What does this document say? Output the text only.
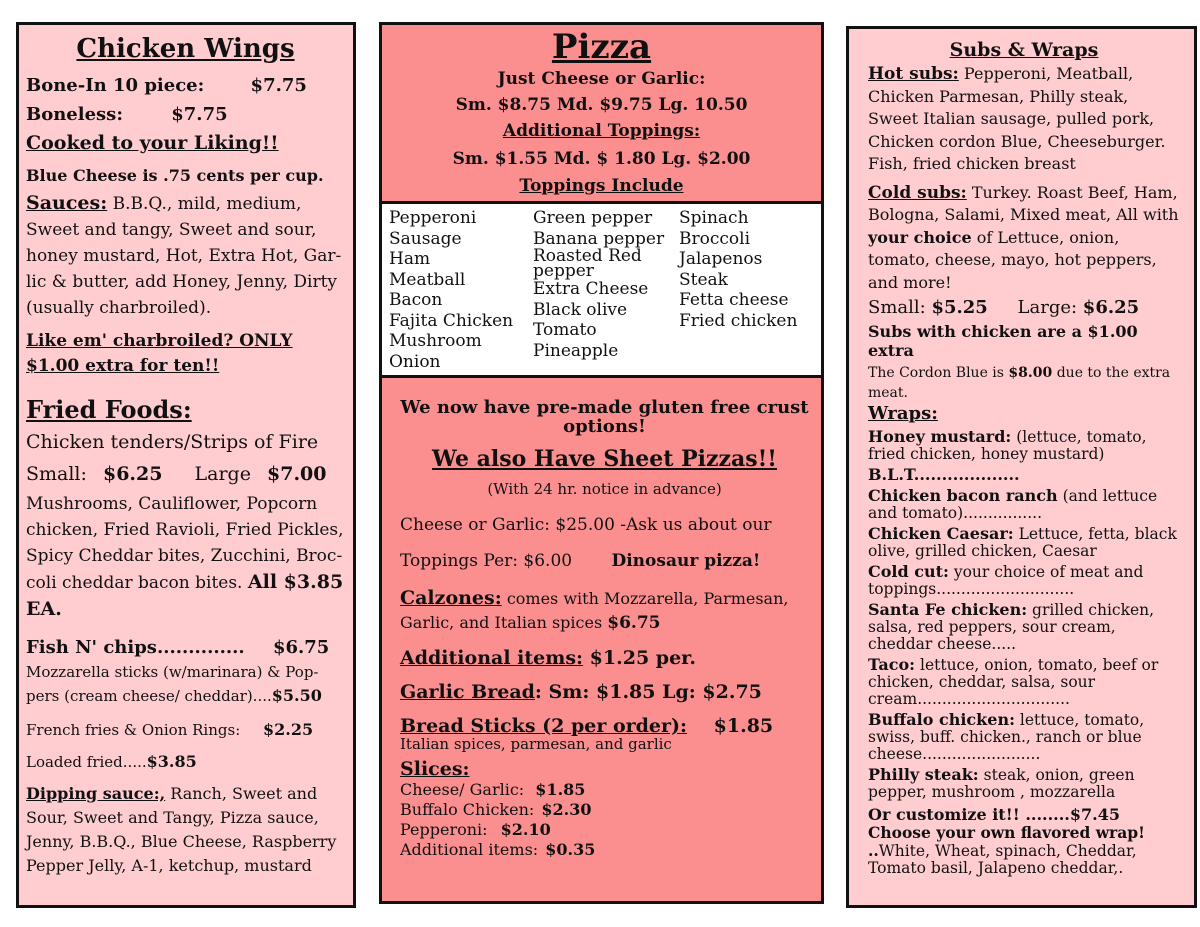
Chicken Wings
Bone-In 10 piece:	$7.75
Boneless:	$7.75
Cooked to your Liking!!
Blue Cheese is .75 cents per cup.

Sauces: B.B.Q., mild, medium, Sweet and tangy, Sweet and sour, honey mustard, Hot, Extra Hot, Gar-lic & butter, add Honey, Jenny, Dirty (usually charbroiled).

Like em' charbroiled? ONLY $1.00 extra for ten!!
Fried Foods:
Chicken tenders/Strips of Fire
Small: $6.25 Large $7.00

Mushrooms, Cauliflower, Popcorn chicken, Fried Ravioli, Fried Pickles, Spicy Cheddar bites, Zucchini, Broc-coli cheddar bacon bites. All $3.85 EA.

Fish N' chips.............. $6.75

Mozzarella sticks (w/marinara) & Pop-pers (cream cheese/ cheddar)....$5.50

French fries & Onion Rings: $2.25
Loaded fried.....$3.85

Dipping sauce:, Ranch, Sweet and Sour, Sweet and Tangy, Pizza sauce, Jenny, B.B.Q., Blue Cheese, Raspberry Pepper Jelly, A-1, ketchup, mustard

Pizza
Just Cheese or Garlic:
Sm. $8.75 Md. $9.75 Lg. 10.50
Additional Toppings:
Sm. $1.55 Md. $ 1.80 Lg. $2.00
Toppings Include
Pepperoni
Sausage
Ham
Meatball
Bacon
Fajita Chicken
Mushroom
Onion
Green pepper
Banana pepper
Roasted Red pepper
Extra Cheese
Black olive
Tomato
Pineapple
Spinach
Broccoli
Jalapenos
Steak
Fetta cheese
Fried chicken
We now have pre-made gluten free crust options!
We also Have Sheet Pizzas!!
(With 24 hr. notice in advance)
Cheese or Garlic: $25.00 -Ask us about our
Toppings Per: $6.00 Dinosaur pizza!

Calzones: comes with Mozzarella, Parmesan, Garlic, and Italian spices $6.75

Additional items: $1.25 per.
Garlic Bread: Sm: $1.85 Lg: $2.75
Bread Sticks (2 per order): $1.85
Italian spices, parmesan, and garlic
Slices:
Cheese/ Garlic: $1.85
Buffalo Chicken: $2.30
Pepperoni: $2.10
Additional items: $0.35
Subs & Wraps

Hot subs: Pepperoni, Meatball, Chicken Parmesan, Philly steak, Sweet Italian sausage, pulled pork, Chicken cordon Blue, Cheeseburger. Fish, fried chicken breast

Cold subs: Turkey. Roast Beef, Ham, Bologna, Salami, Mixed meat, All with your choice of Lettuce, onion, tomato, cheese, mayo, hot peppers, and more!

Small: $5.25 Large: $6.25
Subs with chicken are a $1.00 extra

The Cordon Blue is $8.00 due to the extra meat.

Wraps:

Honey mustard: (lettuce, tomato, fried chicken, honey mustard)

B.L.T...................

Chicken bacon ranch (and lettuce and tomato)................

Chicken Caesar: Lettuce, fetta, black olive, grilled chicken, Caesar

Cold cut: your choice of meat and toppings............................

Santa Fe chicken: grilled chicken, salsa, red peppers, sour cream, cheddar cheese.....

Taco: lettuce, onion, tomato, beef or chicken, cheddar, salsa, sour cream...............................

Buffalo chicken: lettuce, tomato, swiss, buff. chicken., ranch or blue cheese........................

Philly steak: steak, onion, green pepper, mushroom , mozzarella

Or customize it!! ........$7.45

Choose your own flavored wrap! ..White, Wheat, spinach, Cheddar, Tomato basil, Jalapeno cheddar,.
